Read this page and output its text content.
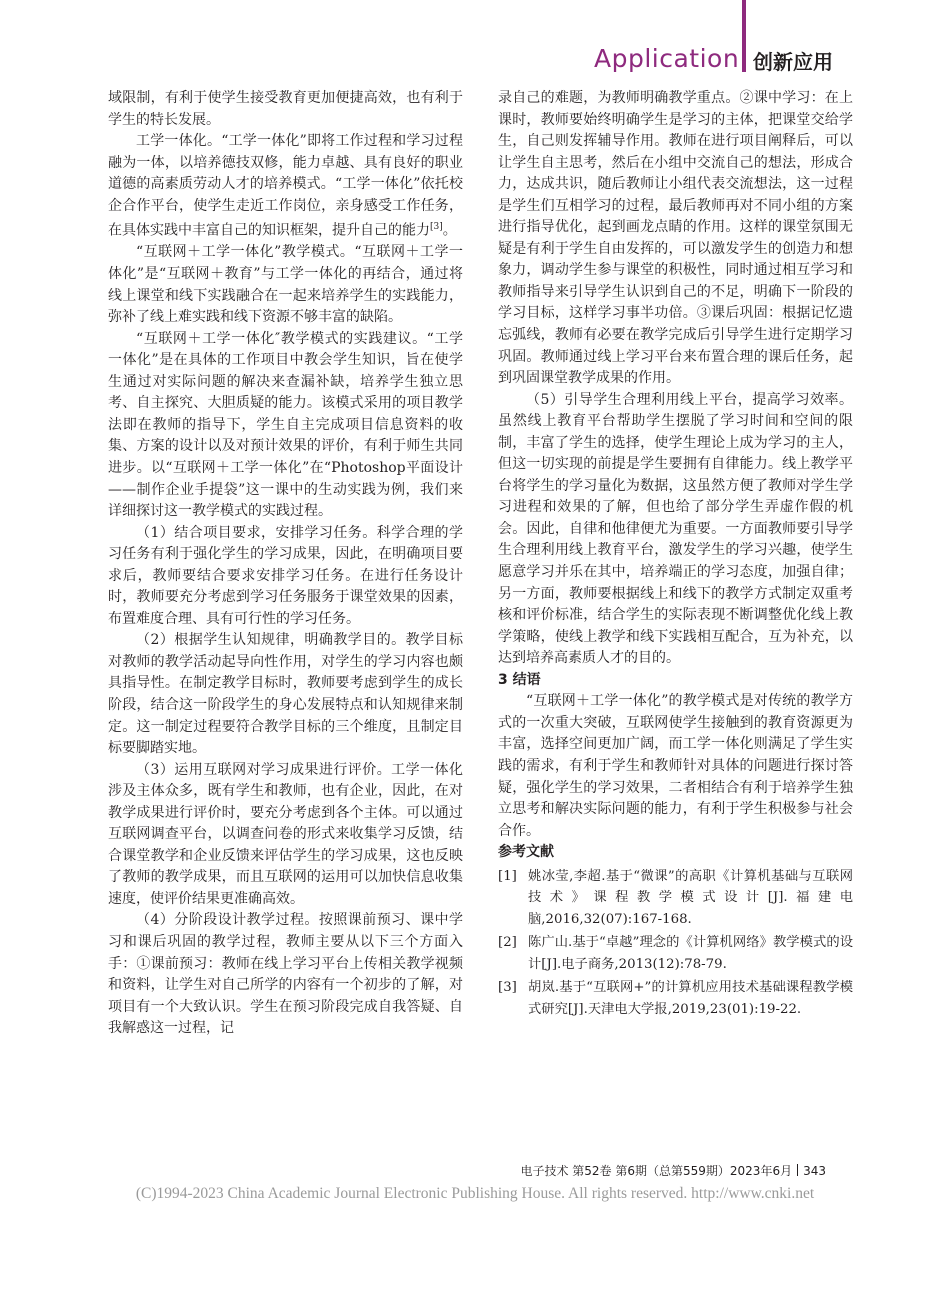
Application 创新应用

域限制，有利于使学生接受教育更加便捷高效，也有利于学生的特长发展。

工学一体化。“工学一体化”即将工作过程和学习过程融为一体，以培养德技双修，能力卓越、具有良好的职业道德的高素质劳动人才的培养模式。“工学一体化”依托校企合作平台，使学生走近工作岗位，亲身感受工作任务，在具体实践中丰富自己的知识框架，提升自己的能力[3]。

“互联网＋工学一体化”教学模式。“互联网＋工学一体化”是“互联网＋教育”与工学一体化的再结合，通过将线上课堂和线下实践融合在一起来培养学生的实践能力，弥补了线上难实践和线下资源不够丰富的缺陷。

“互联网＋工学一体化″教学模式的实践建议。“工学一体化”是在具体的工作项目中教会学生知识，旨在使学生通过对实际问题的解决来查漏补缺，培养学生独立思考、自主探究、大胆质疑的能力。该模式采用的项目教学法即在教师的指导下，学生自主完成项目信息资料的收集、方案的设计以及对预计效果的评价，有利于师生共同进步。以“互联网＋工学一体化”在“Photoshop平面设计——制作企业手提袋”这一课中的生动实践为例，我们来详细探讨这一教学模式的实践过程。

（1）结合项目要求，安排学习任务。科学合理的学习任务有利于强化学生的学习成果，因此，在明确项目要求后，教师要结合要求安排学习任务。在进行任务设计时，教师要充分考虑到学习任务服务于课堂效果的因素，布置难度合理、具有可行性的学习任务。

（2）根据学生认知规律，明确教学目的。教学目标对教师的教学活动起导向性作用，对学生的学习内容也颇具指导性。在制定教学目标时，教师要考虑到学生的成长阶段，结合这一阶段学生的身心发展特点和认知规律来制定。这一制定过程要符合教学目标的三个维度，且制定目标要脚踏实地。

（3）运用互联网对学习成果进行评价。工学一体化涉及主体众多，既有学生和教师，也有企业，因此，在对教学成果进行评价时，要充分考虑到各个主体。可以通过互联网调查平台，以调查问卷的形式来收集学习反馈，结合课堂教学和企业反馈来评估学生的学习成果，这也反映了教师的教学成果，而且互联网的运用可以加快信息收集速度，使评价结果更准确高效。

（4）分阶段设计教学过程。按照课前预习、课中学习和课后巩固的教学过程，教师主要从以下三个方面入手：①课前预习：教师在线上学习平台上传相关教学视频和资料，让学生对自己所学的内容有一个初步的了解，对项目有一个大致认识。学生在预习阶段完成自我答疑、自我解惑这一过程，记

录自己的难题，为教师明确教学重点。②课中学习：在上课时，教师要始终明确学生是学习的主体，把课堂交给学生，自己则发挥辅导作用。教师在进行项目阐释后，可以让学生自主思考，然后在小组中交流自己的想法，形成合力，达成共识，随后教师让小组代表交流想法，这一过程是学生们互相学习的过程，最后教师再对不同小组的方案进行指导优化，起到画龙点睛的作用。这样的课堂氛围无疑是有利于学生自由发挥的，可以激发学生的创造力和想象力，调动学生参与课堂的积极性，同时通过相互学习和教师指导来引导学生认识到自己的不足，明确下一阶段的学习目标，这样学习事半功倍。③课后巩固：根据记忆遗忘弧线，教师有必要在教学完成后引导学生进行定期学习巩固。教师通过线上学习平台来布置合理的课后任务，起到巩固课堂教学成果的作用。

（5）引导学生合理利用线上平台，提高学习效率。虽然线上教育平台帮助学生摆脱了学习时间和空间的限制，丰富了学生的选择，使学生理论上成为学习的主人，但这一切实现的前提是学生要拥有自律能力。线上教学平台将学生的学习量化为数据，这虽然方便了教师对学生学习进程和效果的了解，但也给了部分学生弄虚作假的机会。因此，自律和他律便尤为重要。一方面教师要引导学生合理利用线上教育平台，激发学生的学习兴趣，使学生愿意学习并乐在其中，培养端正的学习态度，加强自律；另一方面，教师要根据线上和线下的教学方式制定双重考核和评价标准，结合学生的实际表现不断调整优化线上教学策略，使线上教学和线下实践相互配合，互为补充，以达到培养高素质人才的目的。

3 结语

“互联网＋工学一体化”的教学模式是对传统的教学方式的一次重大突破，互联网使学生接触到的教育资源更为丰富，选择空间更加广阔，而工学一体化则满足了学生实践的需求，有利于学生和教师针对具体的问题进行探讨答疑，强化学生的学习效果，二者相结合有利于培养学生独立思考和解决实际问题的能力，有利于学生积极参与社会合作。

参考文献
[1] 姚冰莹,李超.基于“微课”的高职《计算机基础与互联网技术》课程教学模式设计[J].福建电脑,2016,32(07):167-168.
[2] 陈广山.基于“卓越”理念的《计算机网络》教学模式的设计[J].电子商务,2013(12):78-79.
[3] 胡岚.基于“互联网+”的计算机应用技术基础课程教学模式研究[J].天津电大学报,2019,23(01):19-22.
电子技术 第52卷 第6期（总第559期）2023年6月 343
(C)1994-2023 China Academic Journal Electronic Publishing House. All rights reserved. http://www.cnki.net
